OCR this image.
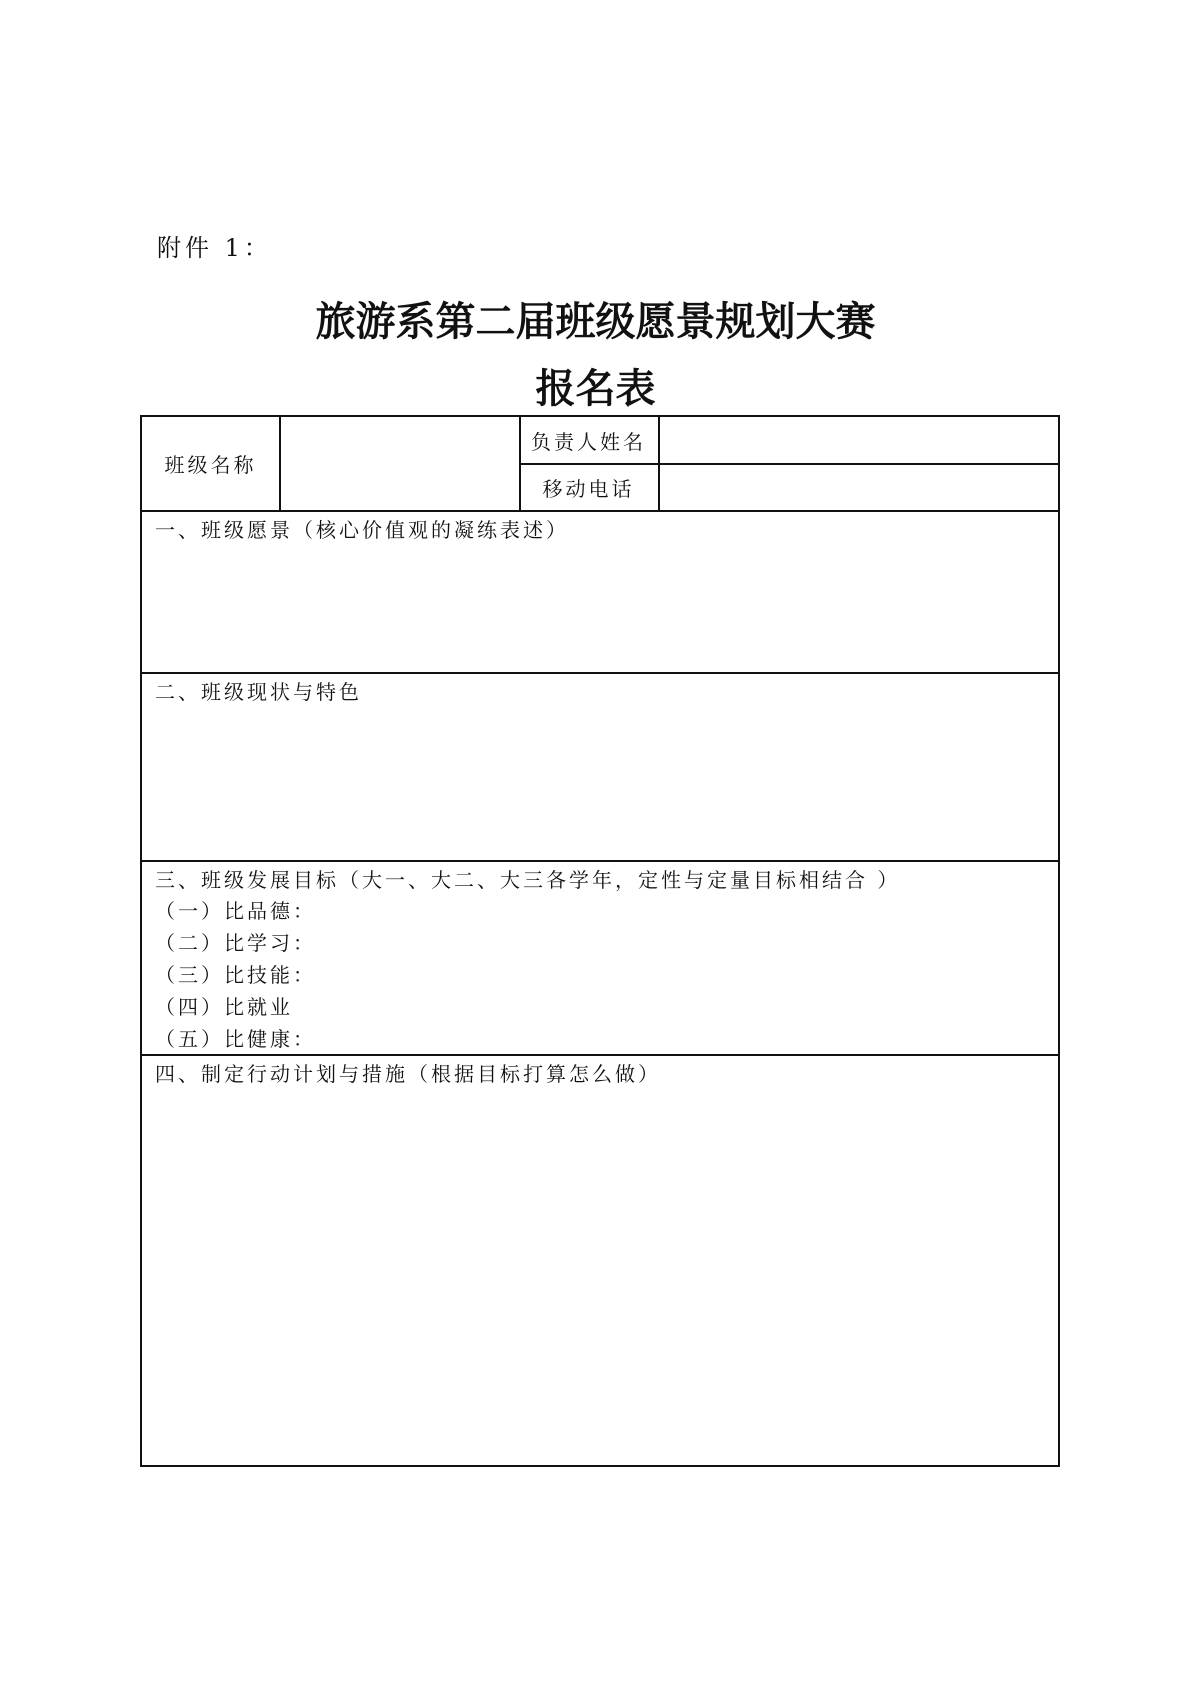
附件 1：
旅游系第二届班级愿景规划大赛
报名表
班级名称
负责人姓名
移动电话
一、班级愿景（核心价值观的凝练表述）
二、班级现状与特色
三、班级发展目标（大一、大二、大三各学年，定性与定量目标相结合 ）
（一）比品德：
（二）比学习：
（三）比技能：
（四）比就业
（五）比健康：
四、制定行动计划与措施（根据目标打算怎么做）
